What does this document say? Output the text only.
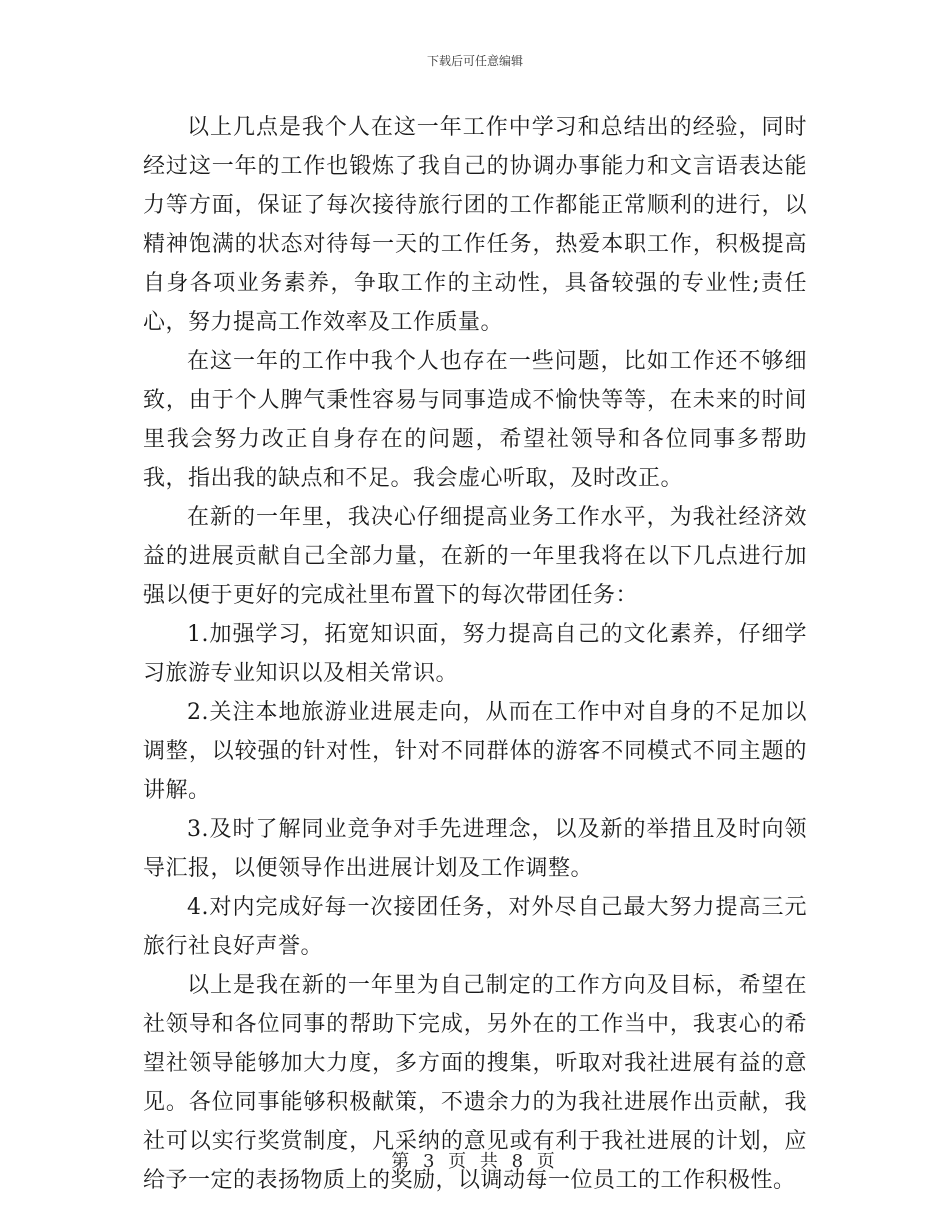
下载后可任意编辑

以上几点是我个人在这一年工作中学习和总结出的经验，同时经过这一年的工作也锻炼了我自己的协调办事能力和文言语表达能力等方面，保证了每次接待旅行团的工作都能正常顺利的进行，以精神饱满的状态对待每一天的工作任务，热爱本职工作，积极提高自身各项业务素养，争取工作的主动性，具备较强的专业性;责任心，努力提高工作效率及工作质量。

在这一年的工作中我个人也存在一些问题，比如工作还不够细致，由于个人脾气秉性容易与同事造成不愉快等等，在未来的时间里我会努力改正自身存在的问题，希望社领导和各位同事多帮助我，指出我的缺点和不足。我会虚心听取，及时改正。

在新的一年里，我决心仔细提高业务工作水平，为我社经济效益的进展贡献自己全部力量，在新的一年里我将在以下几点进行加强以便于更好的完成社里布置下的每次带团任务：

1.加强学习，拓宽知识面，努力提高自己的文化素养，仔细学习旅游专业知识以及相关常识。

2.关注本地旅游业进展走向，从而在工作中对自身的不足加以调整，以较强的针对性，针对不同群体的游客不同模式不同主题的讲解。

3.及时了解同业竞争对手先进理念，以及新的举措且及时向领导汇报，以便领导作出进展计划及工作调整。

4.对内完成好每一次接团任务，对外尽自己最大努力提高三元旅行社良好声誉。

以上是我在新的一年里为自己制定的工作方向及目标，希望在社领导和各位同事的帮助下完成，另外在的工作当中，我衷心的希望社领导能够加大力度，多方面的搜集，听取对我社进展有益的意见。各位同事能够积极献策，不遗余力的为我社进展作出贡献，我社可以实行奖赏制度，凡采纳的意见或有利于我社进展的计划，应给予一定的表扬物质上的奖励，以调动每一位员工的工作积极性。

第 3 页 共 8 页
